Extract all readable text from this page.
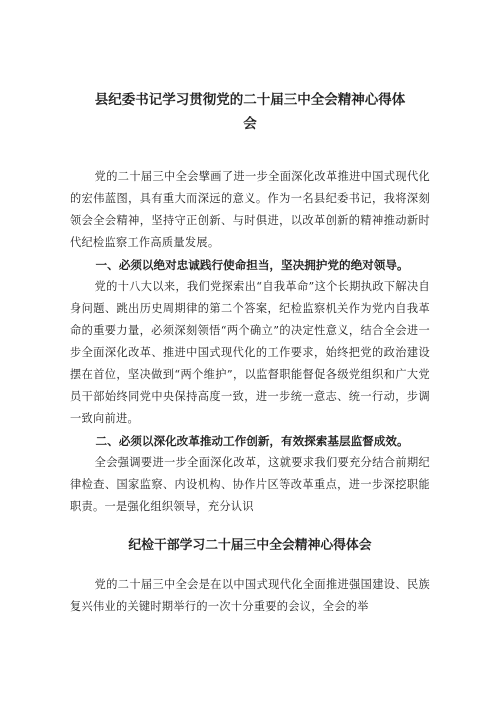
县纪委书记学习贯彻党的二十届三中全会精神心得体

会

党的二十届三中全会擘画了进一步全面深化改革推进中国式现代化的宏伟蓝图，具有重大而深远的意义。作为一名县纪委书记，我将深刻领会全会精神，坚持守正创新、与时俱进，以改革创新的精神推动新时代纪检监察工作高质量发展。

一、必须以绝对忠诚践行使命担当，坚决拥护党的绝对领导。

党的十八大以来，我们党探索出“自我革命”这个长期执政下解决自身问题、跳出历史周期律的第二个答案，纪检监察机关作为党内自我革命的重要力量，必须深刻领悟“两个确立”的决定性意义，结合全会进一步全面深化改革、推进中国式现代化的工作要求，始终把党的政治建设摆在首位，坚决做到“两个维护”，以监督职能督促各级党组织和广大党员干部始终同党中央保持高度一致，进一步统一意志、统一行动，步调一致向前进。

二、必须以深化改革推动工作创新，有效探索基层监督成效。

全会强调要进一步全面深化改革，这就要求我们要充分结合前期纪律检查、国家监察、内设机构、协作片区等改革重点，进一步深挖职能职责。一是强化组织领导，充分认识

纪检干部学习二十届三中全会精神心得体会

党的二十届三中全会是在以中国式现代化全面推进强国建设、民族复兴伟业的关键时期举行的一次十分重要的会议，全会的举
